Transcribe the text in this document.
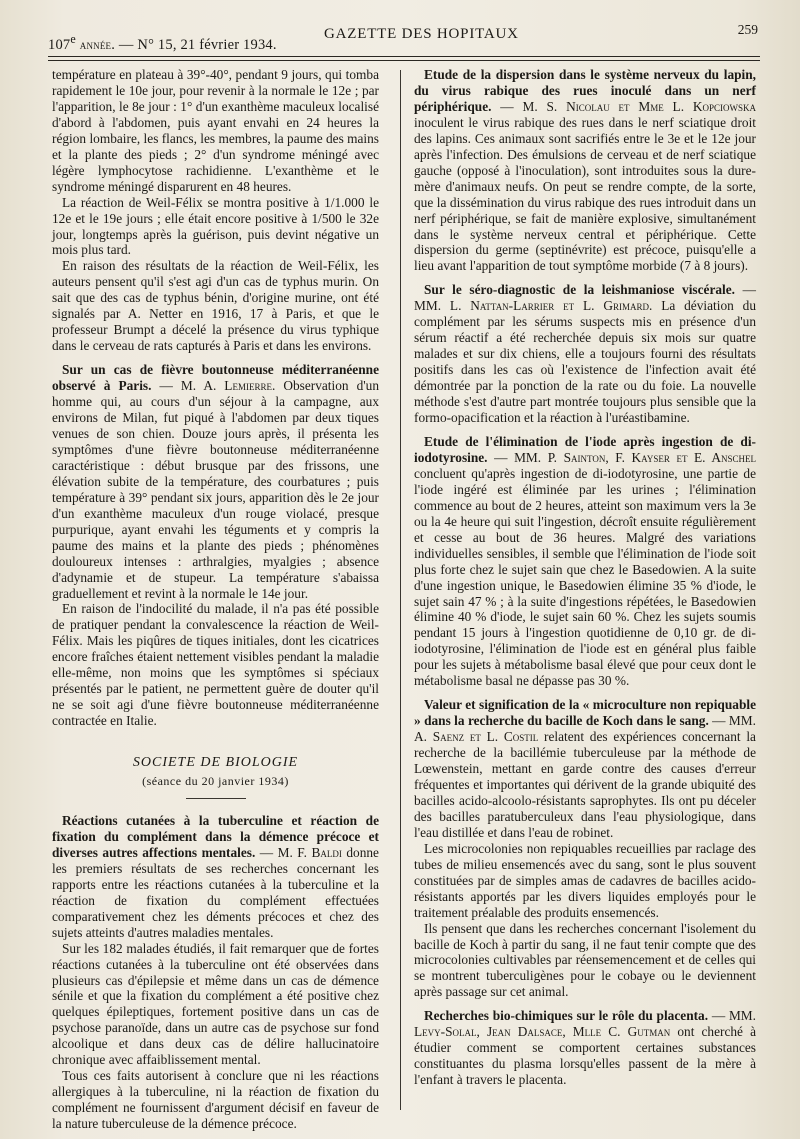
107e année. — N° 15, 21 février 1934.
GAZETTE DES HOPITAUX	259

température en plateau à 39°-40°, pendant 9 jours, qui tomba rapidement le 10e jour, pour revenir à la normale le 12e ; par l'apparition, le 8e jour : 1° d'un exanthème maculeux localisé d'abord à l'abdomen, puis ayant envahi en 24 heures la région lombaire, les flancs, les membres, la paume des mains et la plante des pieds ; 2° d'un syndrome méningé avec légère lymphocytose rachidienne. L'exanthème et le syndrome méningé disparurent en 48 heures.

La réaction de Weil-Félix se montra positive à 1/1.000 le 12e et le 19e jours ; elle était encore positive à 1/500 le 32e jour, longtemps après la guérison, puis devint négative un mois plus tard.

En raison des résultats de la réaction de Weil-Félix, les auteurs pensent qu'il s'est agi d'un cas de typhus murin. On sait que des cas de typhus bénin, d'origine murine, ont été signalés par A. Netter en 1916, 17 à Paris, et que le professeur Brumpt a décelé la présence du virus typhique dans le cerveau de rats capturés à Paris et dans les environs.

Sur un cas de fièvre boutonneuse méditerranéenne observé à Paris. — M. A. Lemierre. Observation d'un homme qui, au cours d'un séjour à la campagne, aux environs de Milan, fut piqué à l'abdomen par deux tiques venues de son chien. Douze jours après, il présenta les symptômes d'une fièvre boutonneuse méditerranéenne caractéristique : début brusque par des frissons, une élévation subite de la température, des courbatures ; puis température à 39° pendant six jours, apparition dès le 2e jour d'un exanthème maculeux d'un rouge violacé, presque purpurique, ayant envahi les téguments et y compris la paume des mains et la plante des pieds ; phénomènes douloureux intenses : arthralgies, myalgies ; absence d'adynamie et de stupeur. La température s'abaissa graduellement et revint à la normale le 14e jour.

En raison de l'indocilité du malade, il n'a pas été possible de pratiquer pendant la convalescence la réaction de Weil-Félix. Mais les piqûres de tiques initiales, dont les cicatrices encore fraîches étaient nettement visibles pendant la maladie elle-même, non moins que les symptômes si spéciaux présentés par le patient, ne permettent guère de douter qu'il ne se soit agi d'une fièvre boutonneuse méditerranéenne contractée en Italie.

SOCIETE DE BIOLOGIE
(séance du 20 janvier 1934)

Réactions cutanées à la tuberculine et réaction de fixation du complément dans la démence précoce et diverses autres affections mentales. — M. F. Baldi donne les premiers résultats de ses recherches concernant les rapports entre les réactions cutanées à la tuberculine et la réaction de fixation du complément effectuées comparativement chez les déments précoces et chez des sujets atteints d'autres maladies mentales.

Sur les 182 malades étudiés, il fait remarquer que de fortes réactions cutanées à la tuberculine ont été observées dans plusieurs cas d'épilepsie et même dans un cas de démence sénile et que la fixation du complément a été positive chez quelques épileptiques, fortement positive dans un cas de psychose paranoïde, dans un autre cas de psychose sur fond alcoolique et dans deux cas de délire hallucinatoire chronique avec affaiblissement mental.

Tous ces faits autorisent à conclure que ni les réactions allergiques à la tuberculine, ni la réaction de fixation du complément ne fournissent d'argument décisif en faveur de la nature tuberculeuse de la démence précoce.

Etude de la dispersion dans le système nerveux du lapin, du virus rabique des rues inoculé dans un nerf périphérique. — M. S. Nicolau et Mme L. Kopciowska inoculent le virus rabique des rues dans le nerf sciatique droit des lapins. Ces animaux sont sacrifiés entre le 3e et le 12e jour après l'infection. Des émulsions de cerveau et de nerf sciatique gauche (opposé à l'inoculation), sont introduites sous la dure-mère d'animaux neufs. On peut se rendre compte, de la sorte, que la dissémination du virus rabique des rues introduit dans un nerf périphérique, se fait de manière explosive, simultanément dans le système nerveux central et périphérique. Cette dispersion du germe (septinévrite) est précoce, puisqu'elle a lieu avant l'apparition de tout symptôme morbide (7 à 8 jours).

Sur le séro-diagnostic de la leishmaniose viscérale. — MM. L. Nattan-Larrier et L. Grimard. La déviation du complément par les sérums suspects mis en présence d'un sérum réactif a été recherchée depuis six mois sur quatre malades et sur dix chiens, elle a toujours fourni des résultats positifs dans les cas où l'existence de l'infection avait été démontrée par la ponction de la rate ou du foie. La nouvelle méthode s'est d'autre part montrée toujours plus sensible que la formo-opacification et la réaction à l'uréastibamine.

Etude de l'élimination de l'iode après ingestion de di-iodotyrosine. — MM. P. Sainton, F. Kayser et E. Anschel concluent qu'après ingestion de di-iodotyrosine, une partie de l'iode ingéré est éliminée par les urines ; l'élimination commence au bout de 2 heures, atteint son maximum vers la 3e ou la 4e heure qui suit l'ingestion, décroît ensuite régulièrement et cesse au bout de 36 heures. Malgré des variations individuelles sensibles, il semble que l'élimination de l'iode soit plus forte chez le sujet sain que chez le Basedowien. A la suite d'une ingestion unique, le Basedowien élimine 35 % d'iode, le sujet sain 47 % ; à la suite d'ingestions répétées, le Basedowien élimine 40 % d'iode, le sujet sain 60 %. Chez les sujets soumis pendant 15 jours à l'ingestion quotidienne de 0,10 gr. de di-iodotyrosine, l'élimination de l'iode est en général plus faible pour les sujets à métabolisme basal élevé que pour ceux dont le métabolisme basal ne dépasse pas 30 %.

Valeur et signification de la « microculture non repiquable » dans la recherche du bacille de Koch dans le sang. — MM. A. Saenz et L. Costil relatent des expériences concernant la recherche de la bacillémie tuberculeuse par la méthode de Lœwenstein, mettant en garde contre des causes d'erreur fréquentes et importantes qui dérivent de la grande ubiquité des bacilles acido-alcoolo-résistants saprophytes. Ils ont pu déceler des bacilles paratuberculeux dans l'eau physiologique, dans l'eau distillée et dans l'eau de robinet.

Les microcolonies non repiquables recueillies par raclage des tubes de milieu ensemencés avec du sang, sont le plus souvent constituées par de simples amas de cadavres de bacilles acido-résistants apportés par les divers liquides employés pour le traitement préalable des produits ensemencés.

Ils pensent que dans les recherches concernant l'isolement du bacille de Koch à partir du sang, il ne faut tenir compte que des microcolonies cultivables par réensemencement et de celles qui se montrent tuberculigènes pour le cobaye ou le deviennent après passage sur cet animal.

Recherches bio-chimiques sur le rôle du placenta. — MM. Levy-Solal, Jean Dalsace, Mlle C. Gutman ont cherché à étudier comment se comportent certaines substances constituantes du plasma lorsqu'elles passent de la mère à l'enfant à travers le placenta.
